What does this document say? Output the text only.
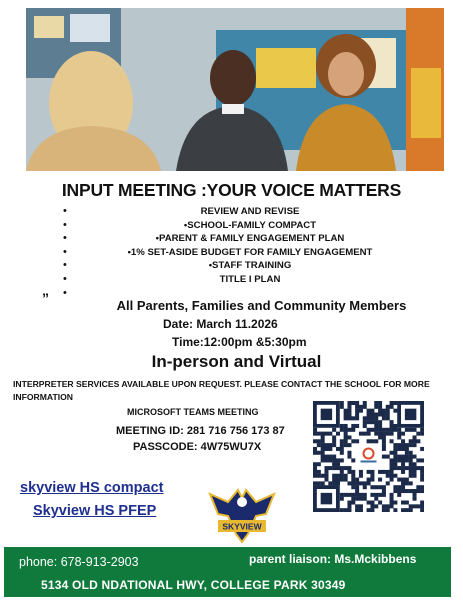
INPUT MEETING :YOUR VOICE MATTERS
•
•
•
•
•
•
•
REVIEW AND REVISE
•SCHOOL-FAMILY COMPACT
•PARENT & FAMILY ENGAGEMENT PLAN
•1% SET-ASIDE BUDGET FOR FAMILY ENGAGEMENT
•STAFF TRAINING
TITLE I PLAN
”	All Parents, Families and Community Members
Date: March 11.2026
Time:12:00pm &5:30pm
In-person and Virtual
INTERPRETER SERVICES AVAILABLE UPON REQUEST. PLEASE CONTACT THE SCHOOL FOR MORE INFORMATION
MICROSOFT TEAMS MEETING
MEETING ID: 281 716 756 173 87
PASSCODE: 4W75WU7X
skyview HS compact
Skyview HS PFEP
SKYVIEW
phone: 678-913-2903	parent liaison: Ms.Mckibbens
5134 OLD NDATIONAL HWY, COLLEGE PARK 30349
